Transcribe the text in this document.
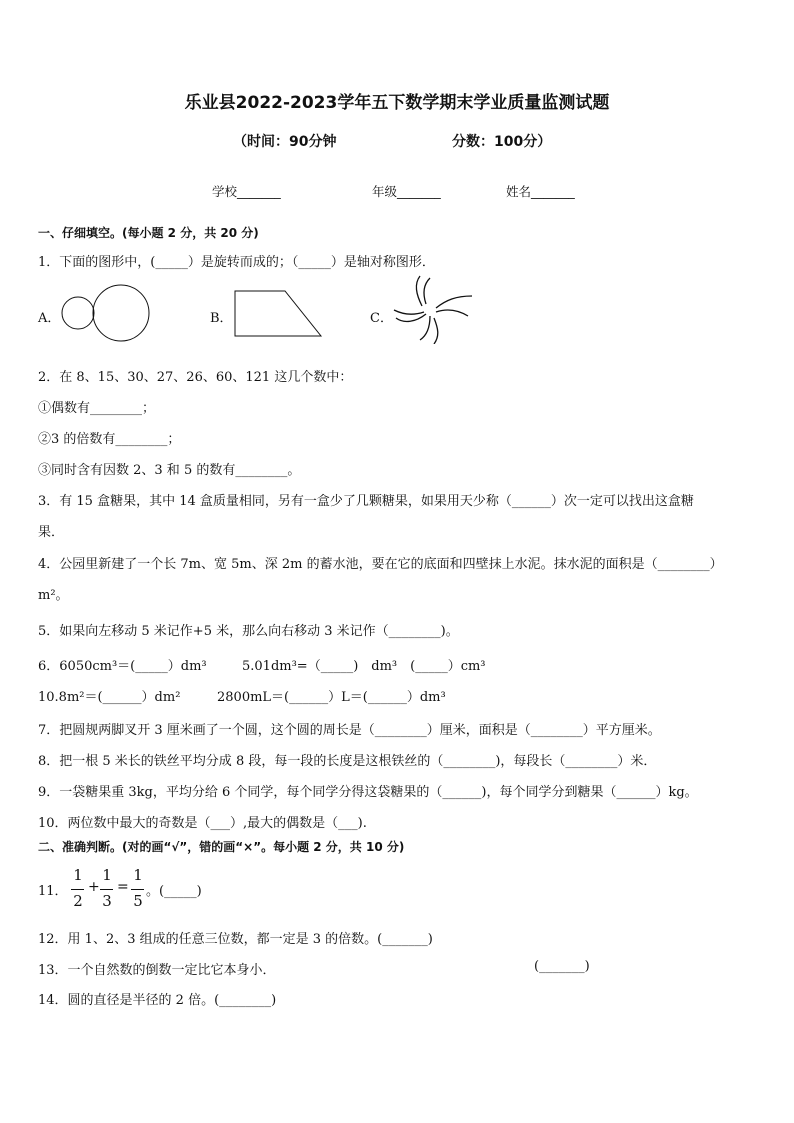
乐业县2022-2023学年五下数学期末学业质量监测试题
（时间：90分钟	分数：100分）
学校_______	年级_______	姓名_______
一、仔细填空。(每小题 2 分，共 20 分)
1．下面的图形中，(_____）是旋转而成的；（_____）是轴对称图形．
A．	B．	C．
2．在 8、15、30、27、26、60、121 这几个数中：
①偶数有________；
②3 的倍数有________；
③同时含有因数 2、3 和 5 的数有________。
3．有 15 盒糖果，其中 14 盒质量相同，另有一盒少了几颗糖果，如果用天少称（______）次一定可以找出这盒糖
果．
4．公园里新建了一个长 7m、宽 5m、深 2m 的蓄水池，要在它的底面和四壁抹上水泥。抹水泥的面积是（________）
m²。
5．如果向左移动 5 米记作+5 米，那么向右移动 3 米记作（________)。
6．6050cm³＝(_____）dm³	5.01dm³=（_____)　dm³　(_____）cm³
10.8m²＝(______）dm²	2800mL＝(______）L＝(______）dm³
7．把圆规两脚叉开 3 厘米画了一个圆，这个圆的周长是（________）厘米，面积是（________）平方厘米。
8．把一根 5 米长的铁丝平均分成 8 段，每一段的长度是这根铁丝的（________)，每段长（________）米．
9．一袋糖果重 3kg，平均分给 6 个同学，每个同学分得这袋糖果的（______)，每个同学分到糖果（______）kg。
10．两位数中最大的奇数是（___）,最大的偶数是（___).
二、准确判断。(对的画“√”，错的画“×”。每小题 2 分，共 10 分)
11．
1
2
+
1
3
=
1
5
。(_____)
12．用 1、2、3 组成的任意三位数，都一定是 3 的倍数。(_______)
13．一个自然数的倒数一定比它本身小．	(_______)
14．圆的直径是半径的 2 倍。(________)
